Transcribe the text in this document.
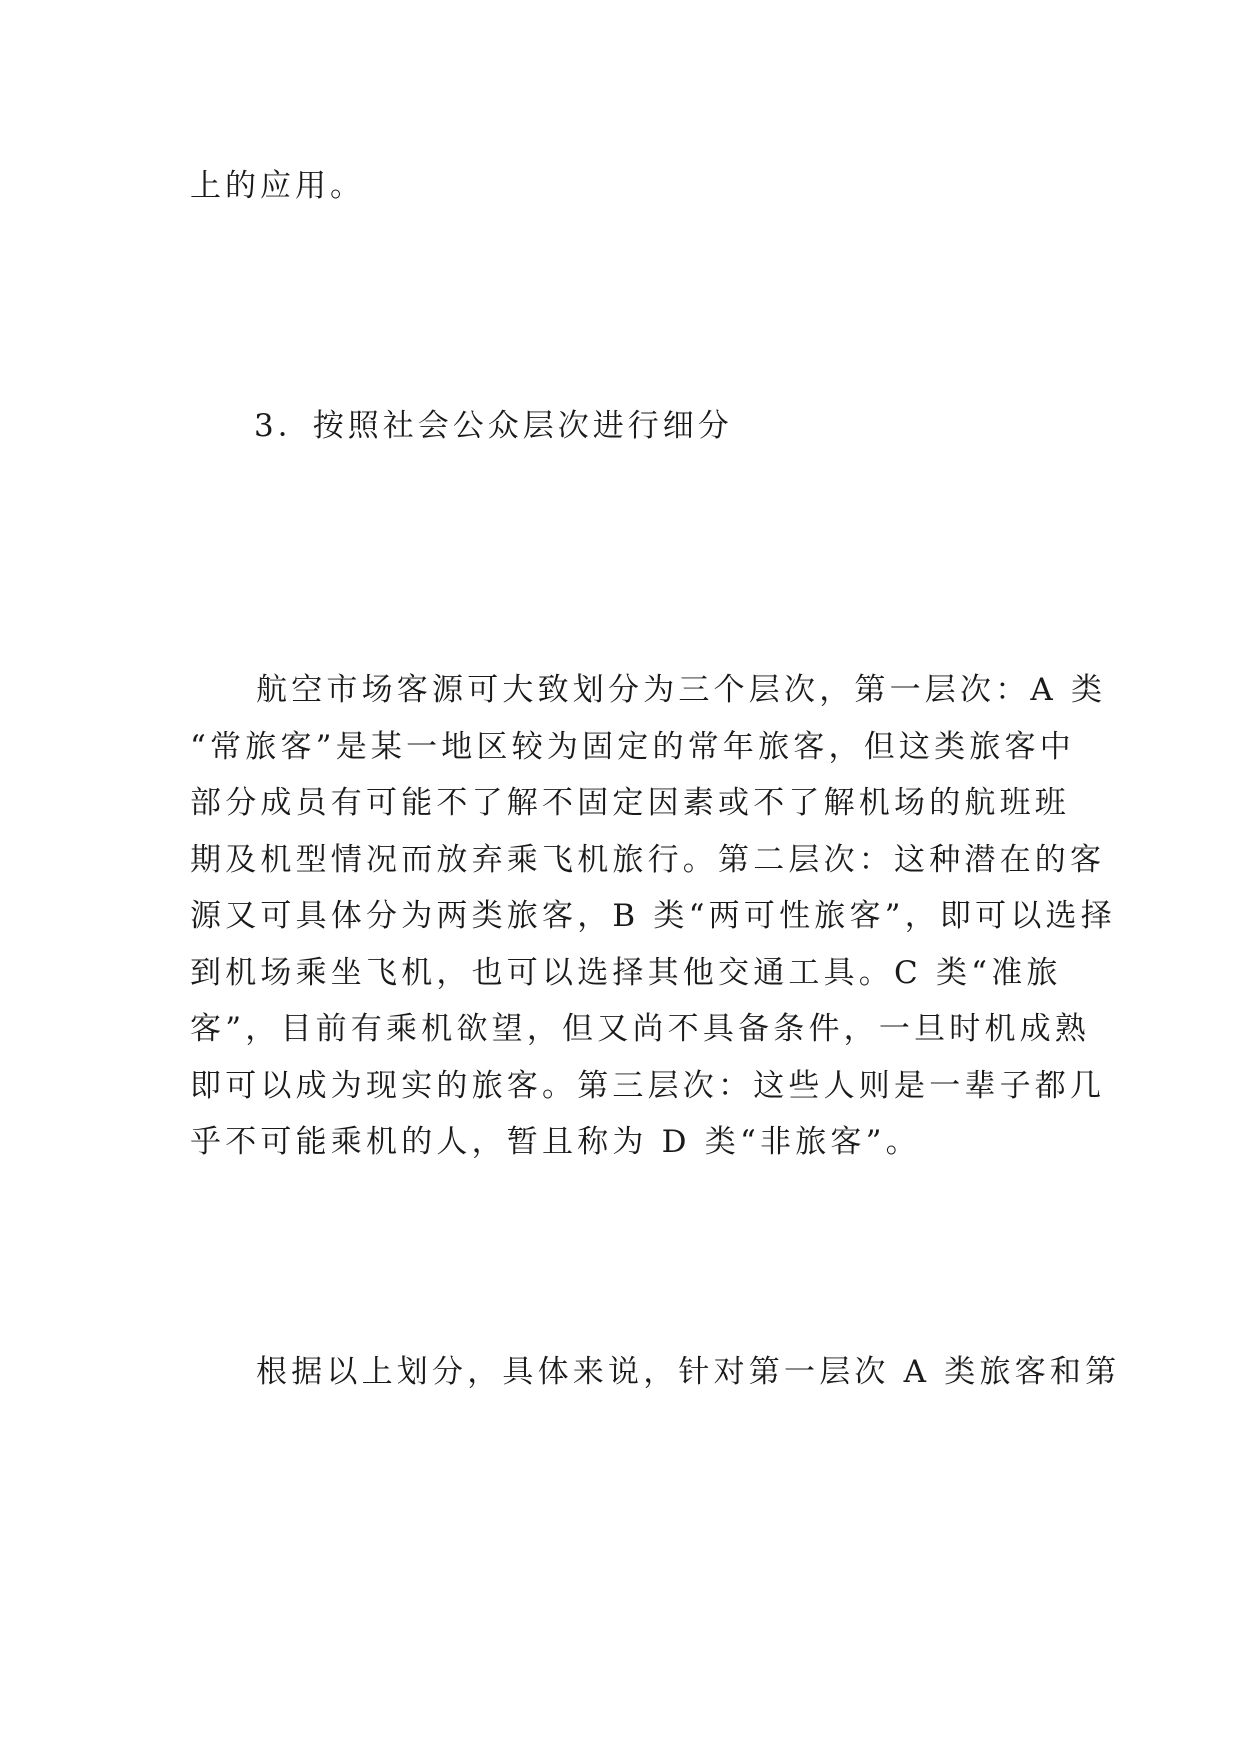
上的应用。
3．按照社会公众层次进行细分
航空市场客源可大致划分为三个层次，第一层次：A 类
“常旅客”是某一地区较为固定的常年旅客，但这类旅客中
部分成员有可能不了解不固定因素或不了解机场的航班班
期及机型情况而放弃乘飞机旅行。第二层次：这种潜在的客
源又可具体分为两类旅客，B 类“两可性旅客”，即可以选择
到机场乘坐飞机，也可以选择其他交通工具。C 类“准旅
客”，目前有乘机欲望，但又尚不具备条件，一旦时机成熟
即可以成为现实的旅客。第三层次：这些人则是一辈子都几
乎不可能乘机的人，暂且称为 D 类“非旅客”。
根据以上划分，具体来说，针对第一层次 A 类旅客和第
